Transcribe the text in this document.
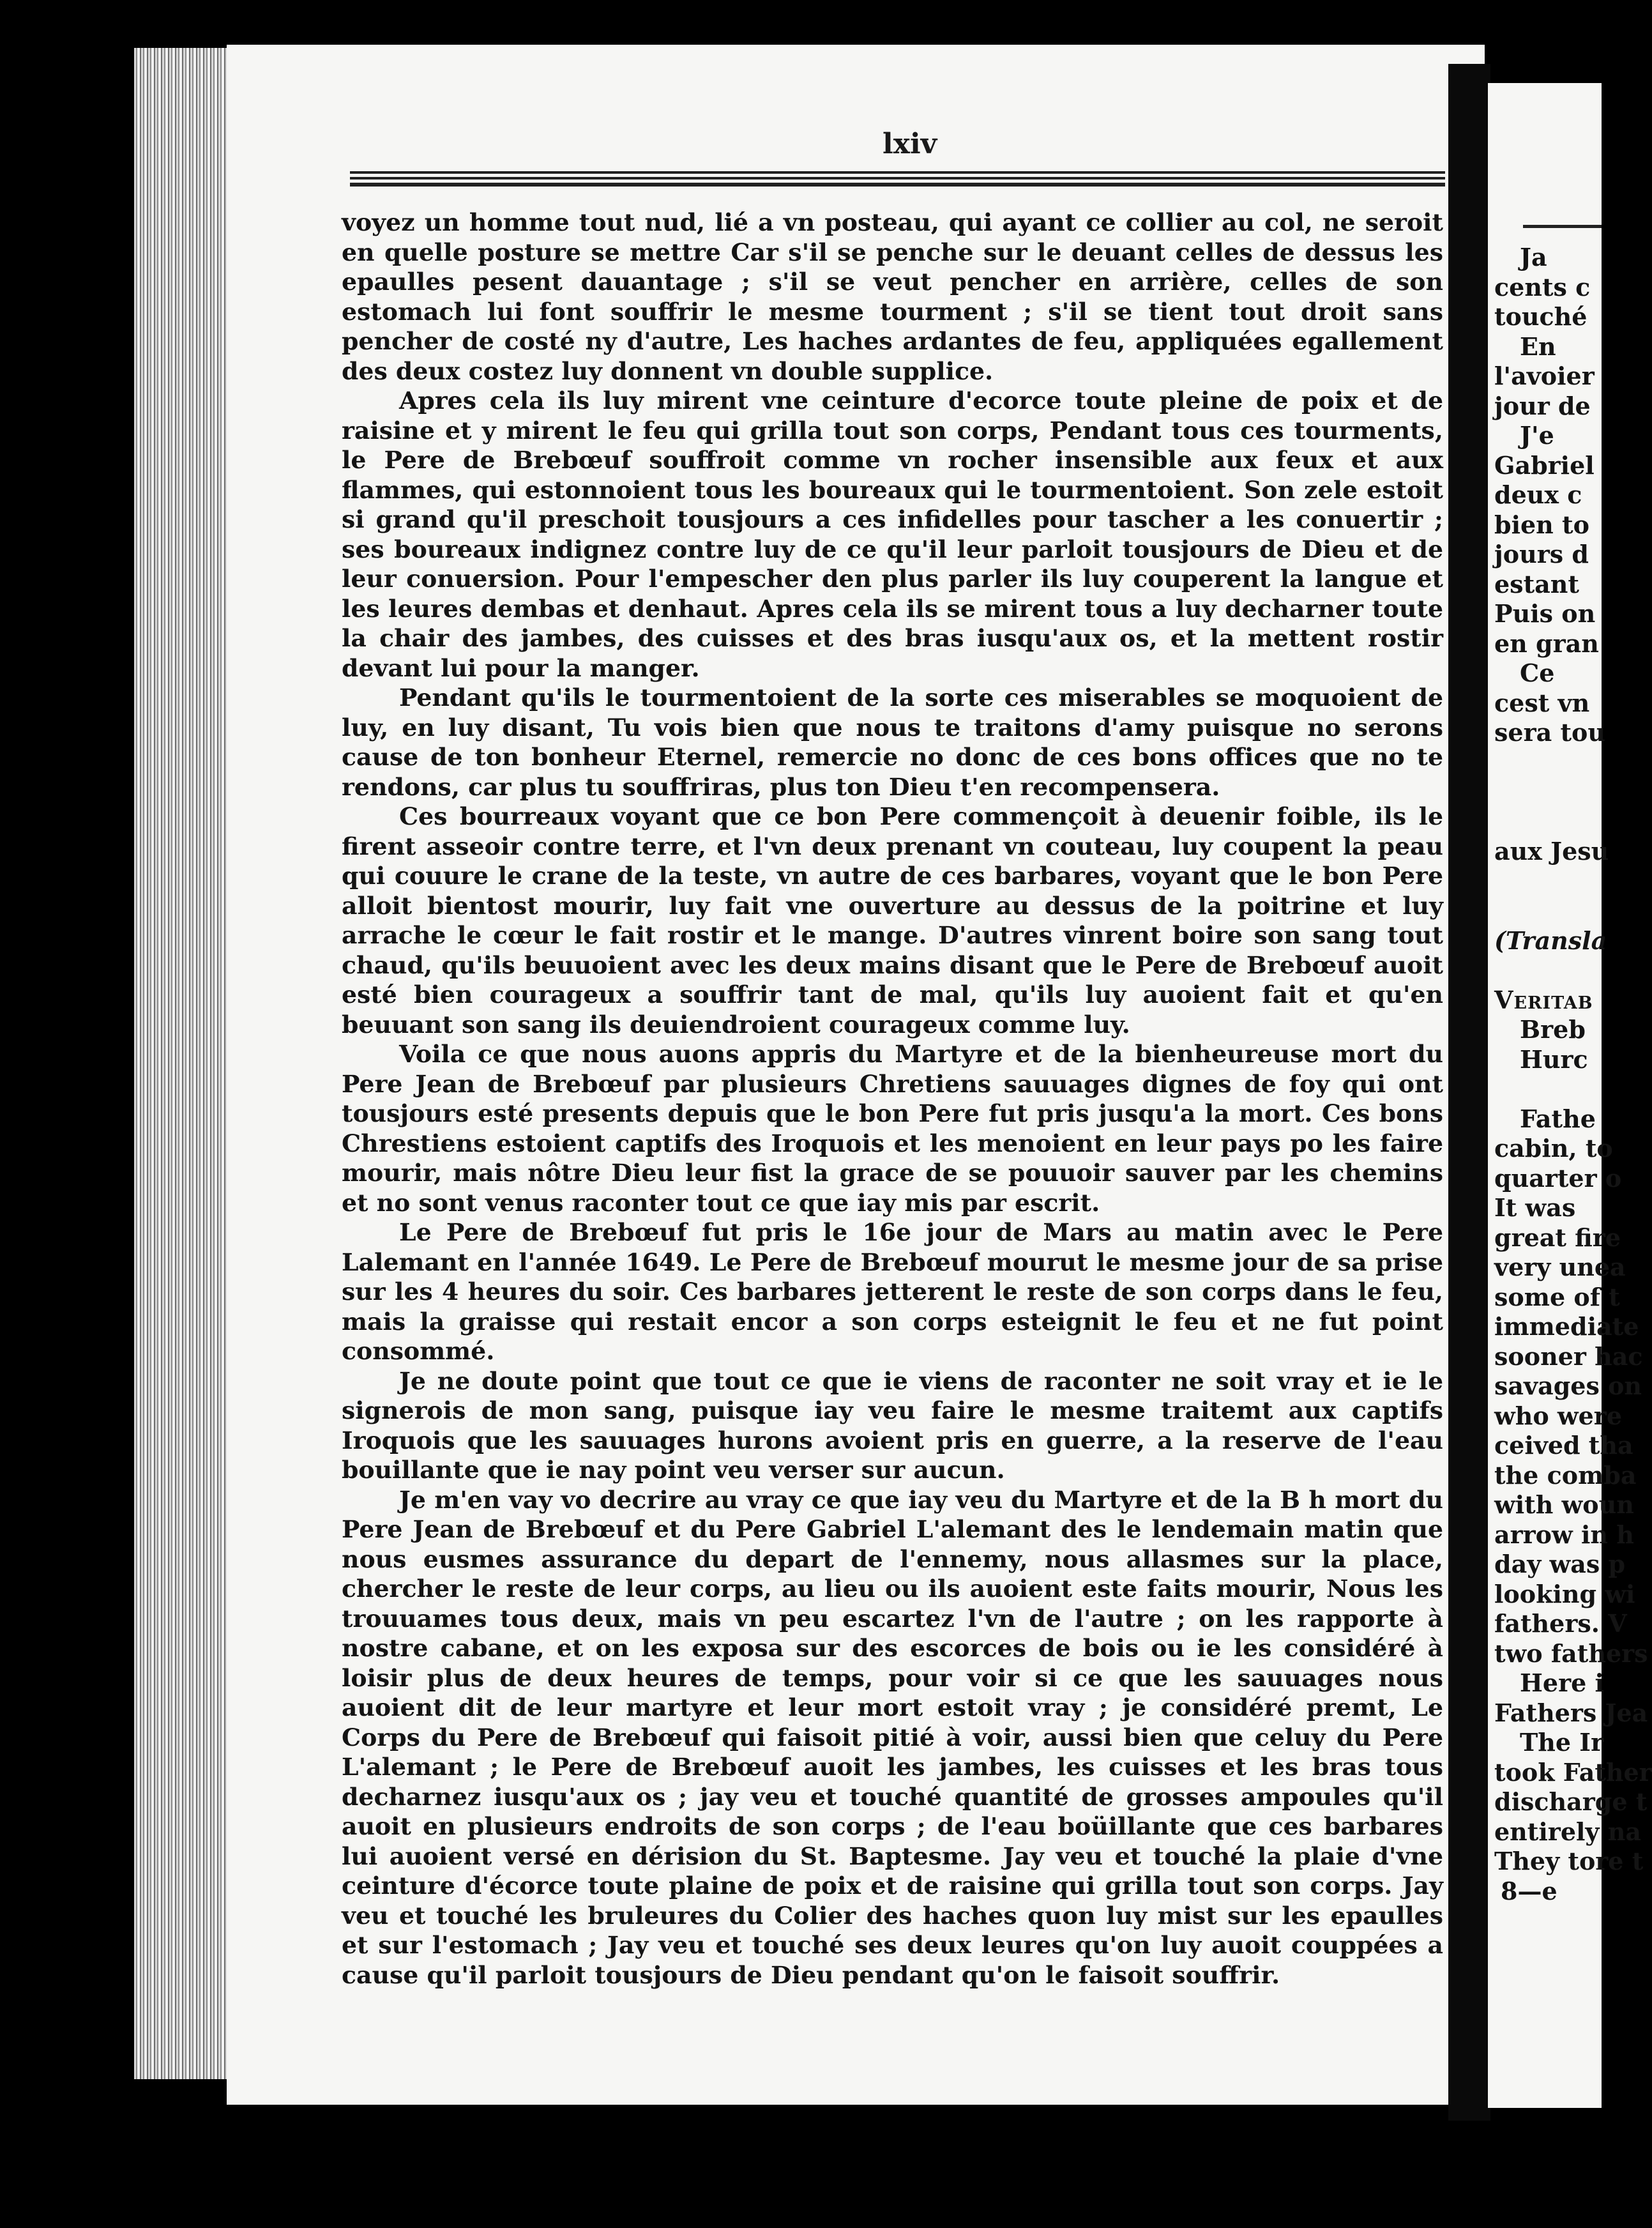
lxiv

voyez un homme tout nud, lié a vn posteau, qui ayant ce collier au col, ne seroit en quelle posture se mettre Car s'il se penche sur le deuant celles de dessus les epaulles pesent dauantage ; s'il se veut pencher en arrière, celles de son estomach lui font souffrir le mesme tourment ; s'il se tient tout droit sans pencher de costé ny d'autre, Les haches ardantes de feu, appliquées egallement des deux costez luy donnent vn double supplice.

Apres cela ils luy mirent vne ceinture d'ecorce toute pleine de poix et de raisine et y mirent le feu qui grilla tout son corps, Pendant tous ces tourments, le Pere de Brebœuf souffroit comme vn rocher insensible aux feux et aux flammes, qui estonnoient tous les boureaux qui le tourmentoient. Son zele estoit si grand qu'il preschoit tousjours a ces infidelles pour tascher a les conuertir ; ses boureaux indignez contre luy de ce qu'il leur parloit tousjours de Dieu et de leur conuersion. Pour l'empescher den plus parler ils luy couperent la langue et les leures dembas et denhaut. Apres cela ils se mirent tous a luy decharner toute la chair des jambes, des cuisses et des bras iusqu'aux os, et la mettent rostir devant lui pour la manger.

Pendant qu'ils le tourmentoient de la sorte ces miserables se moquoient de luy, en luy disant, Tu vois bien que nous te traitons d'amy puisque no serons cause de ton bonheur Eternel, remercie no donc de ces bons offices que no te rendons, car plus tu souffriras, plus ton Dieu t'en recompensera.

Ces bourreaux voyant que ce bon Pere commençoit à deuenir foible, ils le firent asseoir contre terre, et l'vn deux prenant vn couteau, luy coupent la peau qui couure le crane de la teste, vn autre de ces barbares, voyant que le bon Pere alloit bientost mourir, luy fait vne ouverture au dessus de la poitrine et luy arrache le cœur le fait rostir et le mange. D'autres vinrent boire son sang tout chaud, qu'ils beuuoient avec les deux mains disant que le Pere de Brebœuf auoit esté bien courageux a souffrir tant de mal, qu'ils luy auoient fait et qu'en beuuant son sang ils deuiendroient courageux comme luy.

Voila ce que nous auons appris du Martyre et de la bienheureuse mort du Pere Jean de Brebœuf par plusieurs Chretiens sauuages dignes de foy qui ont tousjours esté presents depuis que le bon Pere fut pris jusqu'a la mort. Ces bons Chrestiens estoient captifs des Iroquois et les menoient en leur pays po les faire mourir, mais nôtre Dieu leur fist la grace de se pouuoir sauver par les chemins et no sont venus raconter tout ce que iay mis par escrit.

Le Pere de Brebœuf fut pris le 16e jour de Mars au matin avec le Pere Lalemant en l'année 1649. Le Pere de Brebœuf mourut le mesme jour de sa prise sur les 4 heures du soir. Ces barbares jetterent le reste de son corps dans le feu, mais la graisse qui restait encor a son corps esteignit le feu et ne fut point consommé.

Je ne doute point que tout ce que ie viens de raconter ne soit vray et ie le signerois de mon sang, puisque iay veu faire le mesme traitemt aux captifs Iroquois que les sauuages hurons avoient pris en guerre, a la reserve de l'eau bouillante que ie nay point veu verser sur aucun.

Je m'en vay vo decrire au vray ce que iay veu du Martyre et de la B h mort du Pere Jean de Brebœuf et du Pere Gabriel L'alemant des le lendemain matin que nous eusmes assurance du depart de l'ennemy, nous allasmes sur la place, chercher le reste de leur corps, au lieu ou ils auoient este faits mourir, Nous les trouuames tous deux, mais vn peu escartez l'vn de l'autre ; on les rapporte à nostre cabane, et on les exposa sur des escorces de bois ou ie les considéré à loisir plus de deux heures de temps, pour voir si ce que les sauuages nous auoient dit de leur martyre et leur mort estoit vray ; je considéré premt, Le Corps du Pere de Brebœuf qui faisoit pitié à voir, aussi bien que celuy du Pere L'alemant ; le Pere de Brebœuf auoit les jambes, les cuisses et les bras tous decharnez iusqu'aux os ; jay veu et touché quantité de grosses ampoules qu'il auoit en plusieurs endroits de son corps ; de l'eau boüillante que ces barbares lui auoient versé en dérision du St. Baptesme. Jay veu et touché la plaie d'vne ceinture d'écorce toute plaine de poix et de raisine qui grilla tout son corps. Jay veu et touché les bruleures du Colier des haches quon luy mist sur les epaulles et sur l'estomach ; Jay veu et touché ses deux leures qu'on luy auoit couppées a cause qu'il parloit tousjours de Dieu pendant qu'on le faisoit souffrir.

Ja
cents c
touché
En
l'avoier
jour de
J'e
Gabriel
deux c
bien to
jours d
estant
Puis on
en gran
Ce
cest vn
sera tou
aux Jesu
(Transla
Veritab
Breb
Hurc
Fathe
cabin, to
quarter o
It was
great fire
very unea
some of t
immediate
sooner hac
savages on
who were
ceived tha
the comba
with woun
arrow in h
day was p
looking wi
fathers. V
two fathers
Here i
Fathers Jea
The Ir
took Father
discharge t
entirely na
They tore t
8—e
